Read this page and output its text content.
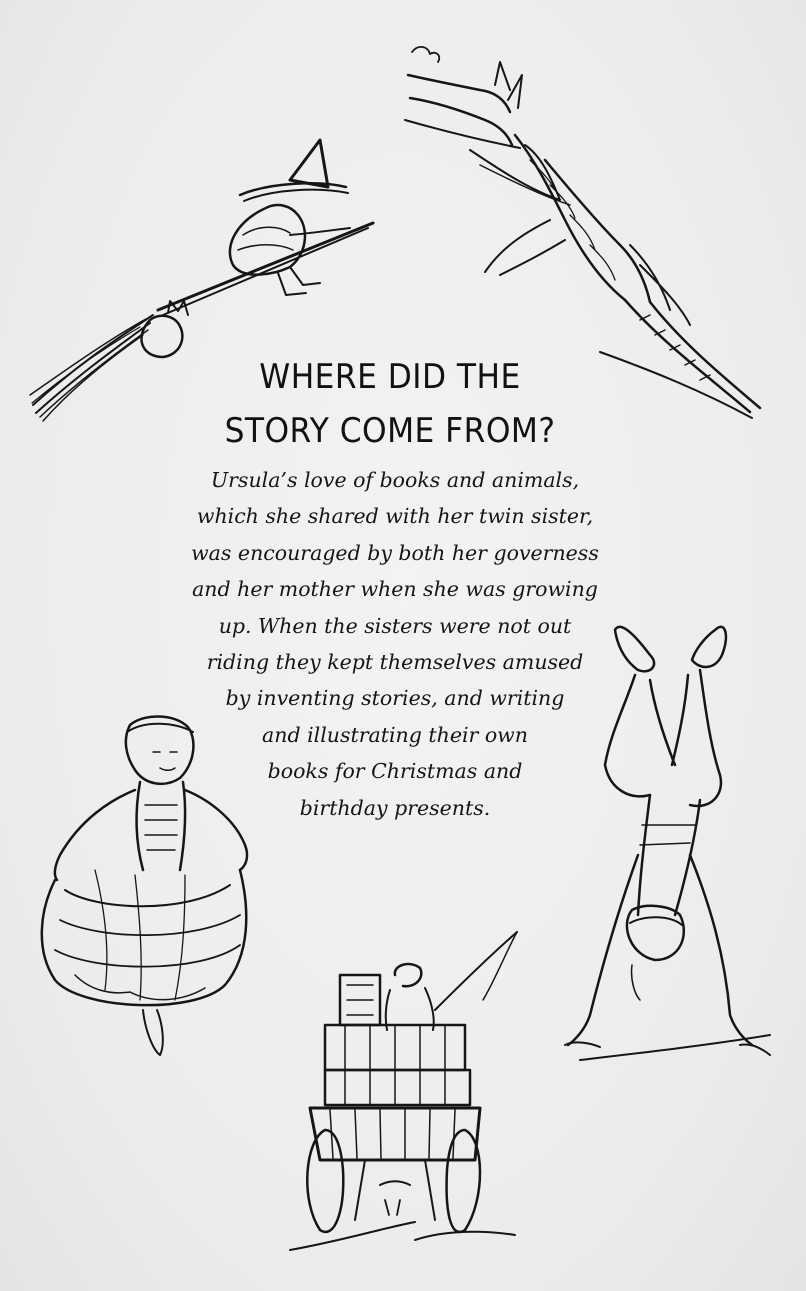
WHERE DID THE
STORY COME FROM?
Ursula’s love of books and animals,
which she shared with her twin sister,
was encouraged by both her governess
and her mother when she was growing
up. When the sisters were not out
riding they kept themselves amused
by inventing stories, and writing
and illustrating their own
books for Christmas and
birthday presents.
